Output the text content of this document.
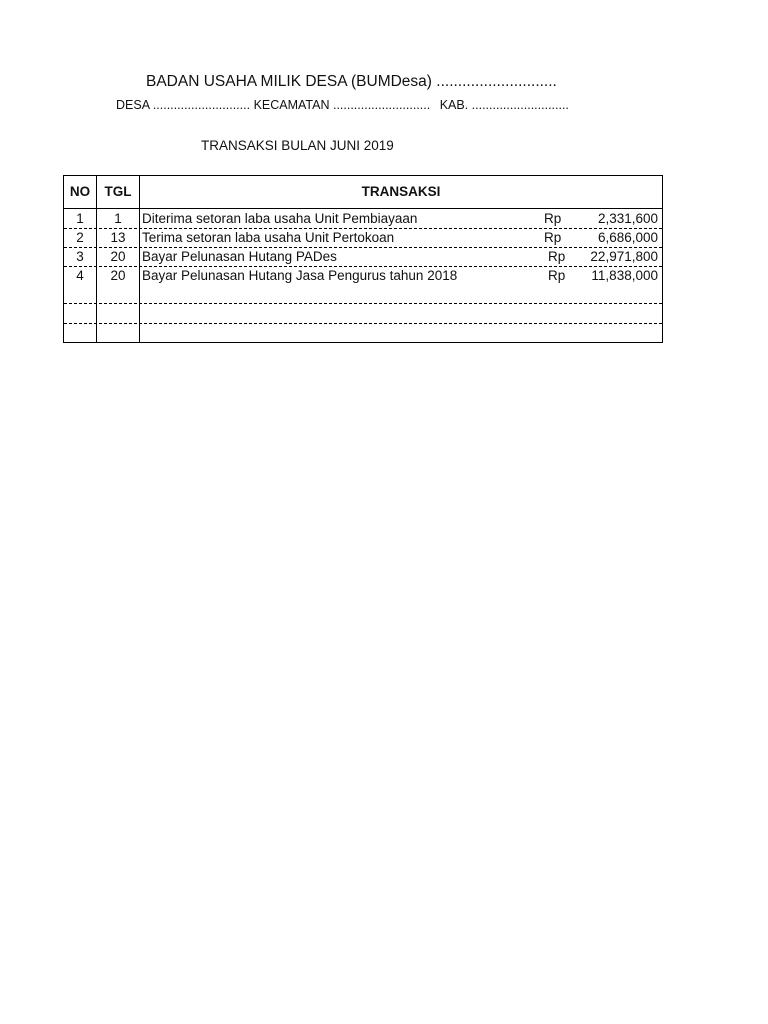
BADAN USAHA MILIK DESA (BUMDesa) ............................
DESA ............................ KECAMATAN ............................ KAB. ............................
TRANSAKSI BULAN JUNI 2019
NO	TGL	TRANSAKSI
1	1	Diterima setoran laba usaha Unit Pembiayaan	Rp	2,331,600
2	13	Terima setoran laba usaha Unit Pertokoan	Rp	6,686,000
3	20	Bayar Pelunasan Hutang PADes	Rp 22,971,800
4	20	Bayar Pelunasan Hutang Jasa Pengurus tahun 2018	Rp 11,838,000
